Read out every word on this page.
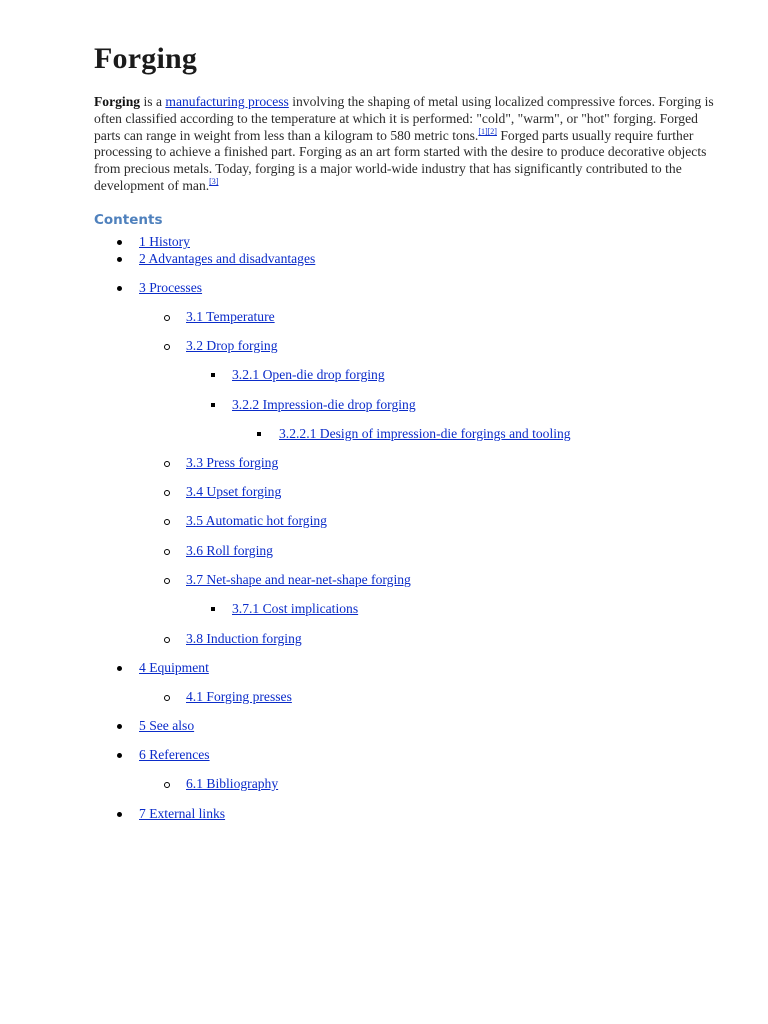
Forging

Forging is a manufacturing process involving the shaping of metal using localized compressive forces. Forging is often classified according to the temperature at which it is performed: "cold", "warm", or "hot" forging. Forged parts can range in weight from less than a kilogram to 580 metric tons.[1][2] Forged parts usually require further processing to achieve a finished part. Forging as an art form started with the desire to produce decorative objects from precious metals. Today, forging is a major world-wide industry that has significantly contributed to the development of man.[3]

Contents
1 History
2 Advantages and disadvantages
3 Processes
3.1 Temperature
3.2 Drop forging
3.2.1 Open-die drop forging
3.2.2 Impression-die drop forging
3.2.2.1 Design of impression-die forgings and tooling
3.3 Press forging
3.4 Upset forging
3.5 Automatic hot forging
3.6 Roll forging
3.7 Net-shape and near-net-shape forging
3.7.1 Cost implications
3.8 Induction forging
4 Equipment
4.1 Forging presses
5 See also
6 References
6.1 Bibliography
7 External links
